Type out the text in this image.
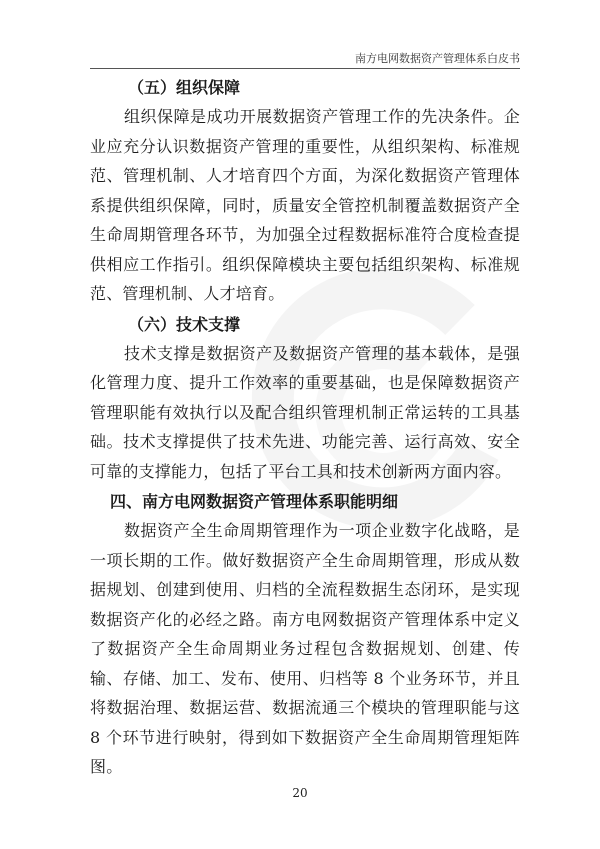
南方电网数据资产管理体系白皮书
（五）组织保障

组织保障是成功开展数据资产管理工作的先决条件。企业应充分认识数据资产管理的重要性，从组织架构、标准规范、管理机制、人才培育四个方面，为深化数据资产管理体系提供组织保障，同时，质量安全管控机制覆盖数据资产全生命周期管理各环节，为加强全过程数据标准符合度检查提供相应工作指引。组织保障模块主要包括组织架构、标准规范、管理机制、人才培育。

（六）技术支撑

技术支撑是数据资产及数据资产管理的基本载体，是强化管理力度、提升工作效率的重要基础，也是保障数据资产管理职能有效执行以及配合组织管理机制正常运转的工具基础。技术支撑提供了技术先进、功能完善、运行高效、安全可靠的支撑能力，包括了平台工具和技术创新两方面内容。

四、南方电网数据资产管理体系职能明细

数据资产全生命周期管理作为一项企业数字化战略，是一项长期的工作。做好数据资产全生命周期管理，形成从数据规划、创建到使用、归档的全流程数据生态闭环，是实现数据资产化的必经之路。南方电网数据资产管理体系中定义了数据资产全生命周期业务过程包含数据规划、创建、传输、存储、加工、发布、使用、归档等 8 个业务环节，并且将数据治理、数据运营、数据流通三个模块的管理职能与这 8 个环节进行映射，得到如下数据资产全生命周期管理矩阵图。

20
